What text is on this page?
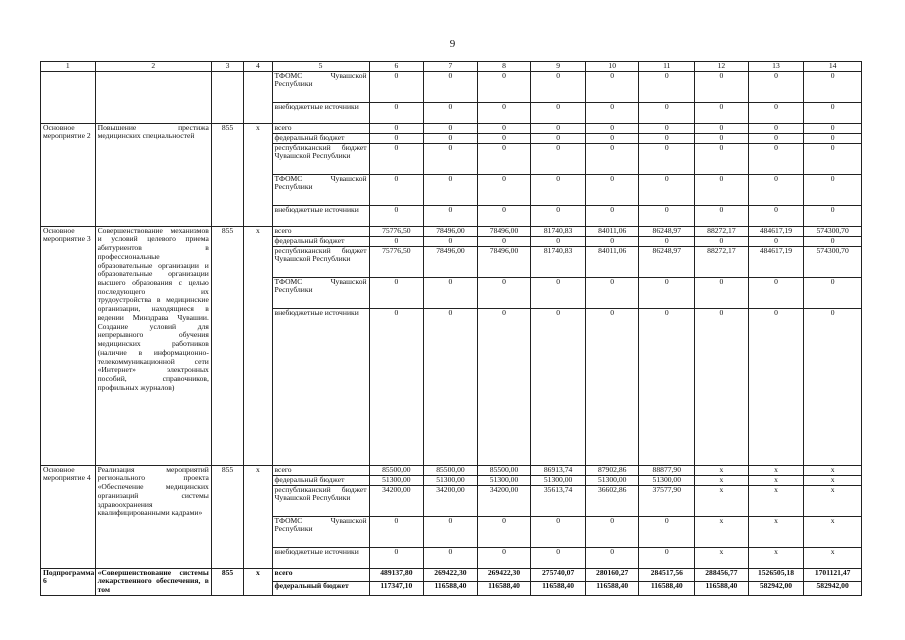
9
1	2	3	4	5	6	7	8	9	10	11	12	13	14
				ТФОМС Чувашской Республики	0	0	0	0	0	0	0	0	0
				внебюджетные источники	0	0	0	0	0	0	0	0	0
Основное мероприятие 2	Повышение престижа медицинских специальностей	855	х	всего	0	0	0	0	0	0	0	0	0
				федеральный бюджет	0	0	0	0	0	0	0	0	0
				республиканский бюджет Чувашской Республики	0	0	0	0	0	0	0	0	0
				ТФОМС Чувашской Республики	0	0	0	0	0	0	0	0	0
				внебюджетные источники	0	0	0	0	0	0	0	0	0
Основное мероприятие 3	Совершенствование механизмов и условий целевого приема абитуриентов в профессиональные образовательные организации и образовательные организации высшего образования с целью последующего их трудоустройства в медицинские организации, находящиеся в ведении Минздрава Чувашии. Создание условий для непрерывного обучения медицинских работников (наличие в информационно-телекоммуникационной сети «Интернет» электронных пособий, справочников, профильных журналов)	855	х	всего	75776,50	78496,00	78496,00	81740,83	84011,06	86248,97	88272,17	484617,19	574300,70
				федеральный бюджет	0	0	0	0	0	0	0	0	0
				республиканский бюджет Чувашской Республики	75776,50	78496,00	78496,00	81740,83	84011,06	86248,97	88272,17	484617,19	574300,70
				ТФОМС Чувашской Республики	0	0	0	0	0	0	0	0	0
				внебюджетные источники	0	0	0	0	0	0	0	0	0
Основное мероприятие 4	Реализация мероприятий регионального проекта «Обеспечение медицинских организаций системы здравоохранения квалифицированными кадрами»	855	х	всего	85500,00	85500,00	85500,00	86913,74	87902,86	88877,90	х	х	х
				федеральный бюджет	51300,00	51300,00	51300,00	51300,00	51300,00	51300,00	х	х	х
				республиканский бюджет Чувашской Республики	34200,00	34200,00	34200,00	35613,74	36602,86	37577,90	х	х	х
				ТФОМС Чувашской Республики	0	0	0	0	0	0	х	х	х
				внебюджетные источники	0	0	0	0	0	0	х	х	х
Подпрограмма 6	«Совершенствование системы лекарственного обеспечения, в том	855	х	всего	489137,80	269422,30	269422,30	275740,07	280160,27	284517,56	288456,77	1526505,18	1701121,47
				федеральный бюджет	117347,10	116588,40	116588,40	116588,40	116588,40	116588,40	116588,40	582942,00	582942,00
